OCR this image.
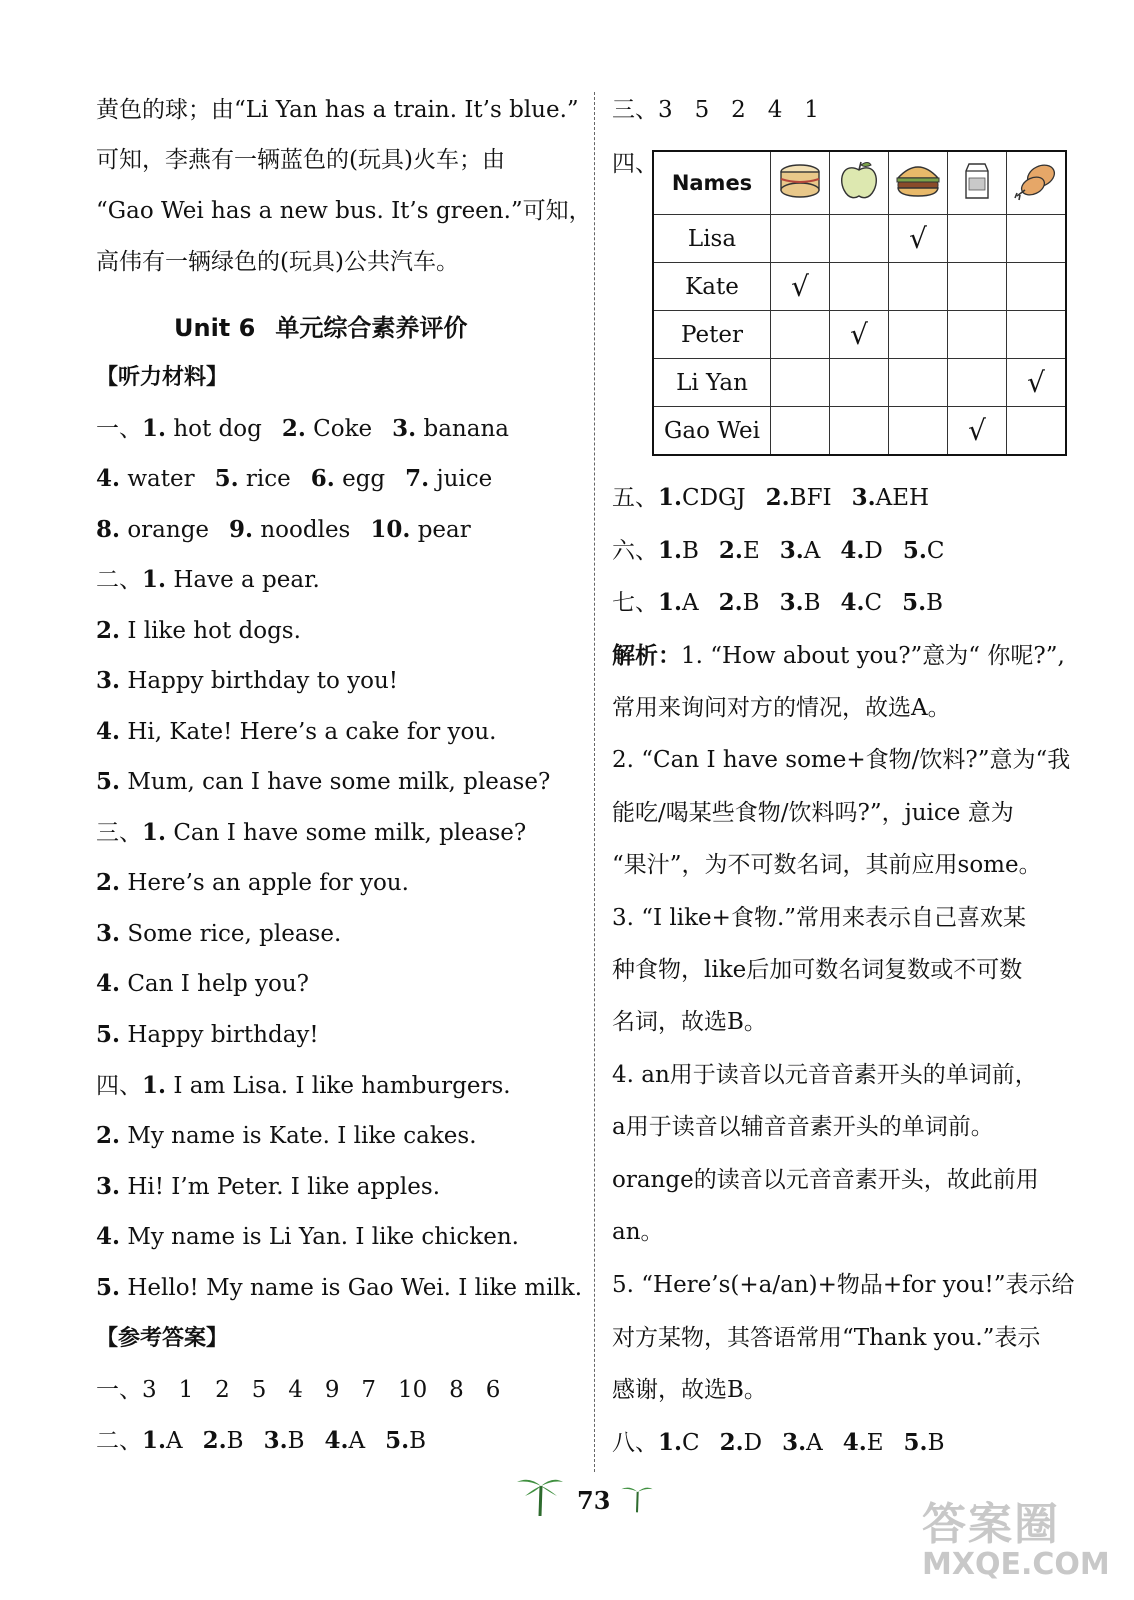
黄色的球；由“Li Yan has a train. It’s blue.”
可知，李燕有一辆蓝色的(玩具)火车；由
“Gao Wei has a new bus. It’s green.”可知，
高伟有一辆绿色的(玩具)公共汽车。
Unit 6 单元综合素养评价
【听力材料】
一、1. hot dog 2. Coke 3. banana
4. water 5. rice 6. egg 7. juice
8. orange 9. noodles 10. pear
二、1. Have a pear.
2. I like hot dogs.
3. Happy birthday to you!
4. Hi, Kate! Here’s a cake for you.
5. Mum, can I have some milk, please?
三、1. Can I have some milk, please?
2. Here’s an apple for you.
3. Some rice, please.
4. Can I help you?
5. Happy birthday!
四、1. I am Lisa. I like hamburgers.
2. My name is Kate. I like cakes.
3. Hi! I’m Peter. I like apples.
4. My name is Li Yan. I like chicken.
5. Hello! My name is Gao Wei. I like milk.
【参考答案】
一、3   1   2   5   4   9   7   10   8   6
二、1.A 2.B 3.B 4.A 5.B
三、3   5   2   4   1
四、
Names					
Lisa			√		
Kate	√				
Peter		√			
Li Yan					√
Gao Wei				√	
五、1.CDGJ 2.BFI 3.AEH
六、1.B 2.E 3.A 4.D 5.C
七、1.A 2.B 3.B 4.C 5.B
解析：1. “How about you?”意为“ 你呢?”,
常用来询问对方的情况，故选A。
2. “Can I have some+食物/饮料?”意为“我
能吃/喝某些食物/饮料吗?”，juice 意为
“果汁”，为不可数名词，其前应用some。
3. “I like+食物.”常用来表示自己喜欢某
种食物，like后加可数名词复数或不可数
名词，故选B。
4. an用于读音以元音音素开头的单词前，
a用于读音以辅音音素开头的单词前。
orange的读音以元音音素开头，故此前用
an。
5. “Here’s(+a/an)+物品+for you!”表示给
对方某物，其答语常用“Thank you.”表示
感谢，故选B。
八、1.C 2.D 3.A 4.E 5.B
73	答案圈
MXQE.COM
